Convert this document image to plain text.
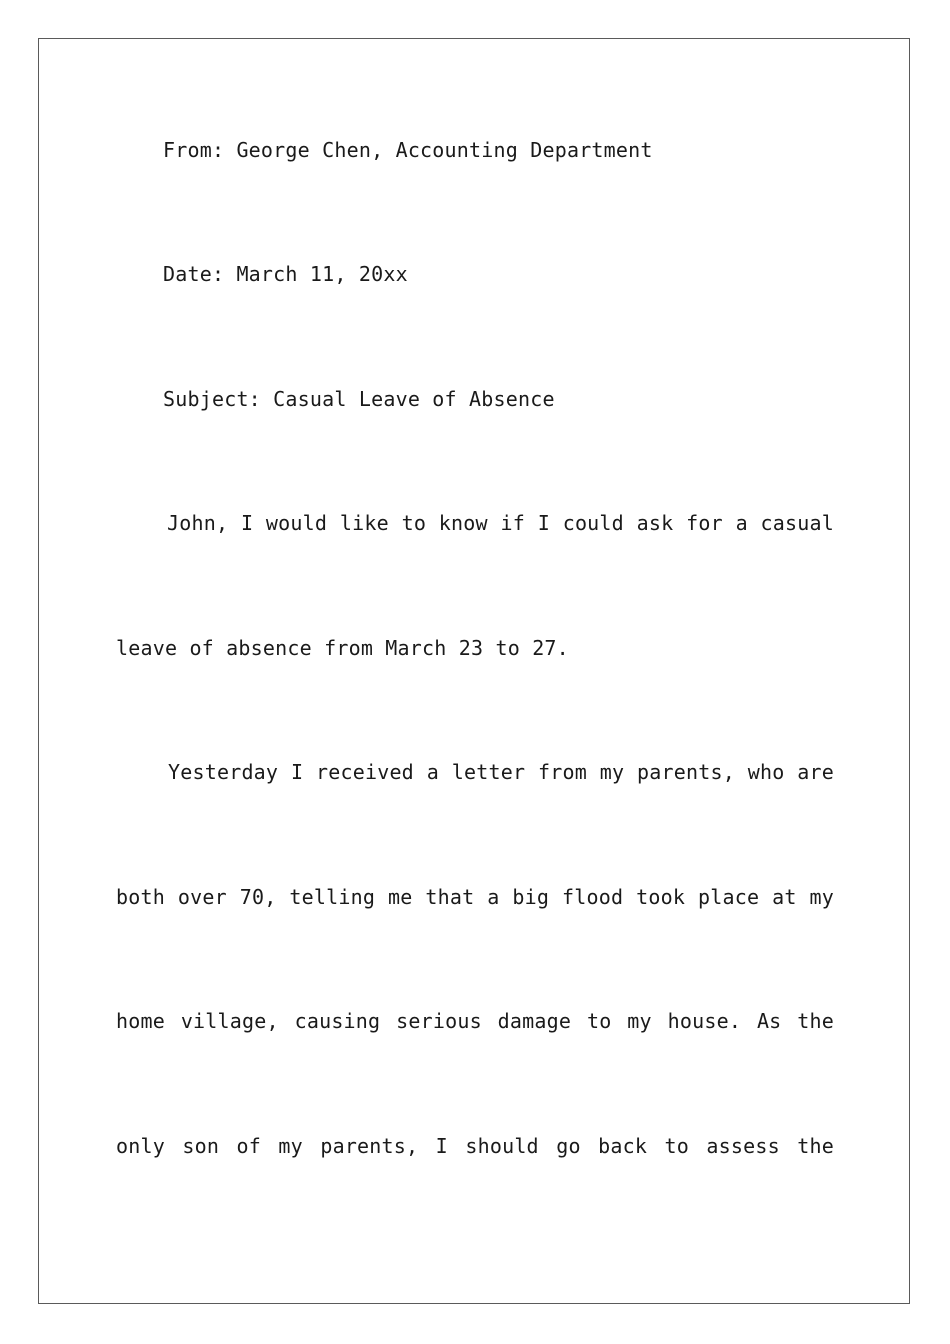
From: George Chen, Accounting Department
Date: March 11, 20xx
Subject: Casual Leave of Absence
John, I would like to know if I could ask for a casual
leave of absence from March 23 to 27.
Yesterday I received a letter from my parents, who are
both over 70, telling me that a big flood took place at my
home village, causing serious damage to my house. As the
only son of my parents, I should go back to assess the
